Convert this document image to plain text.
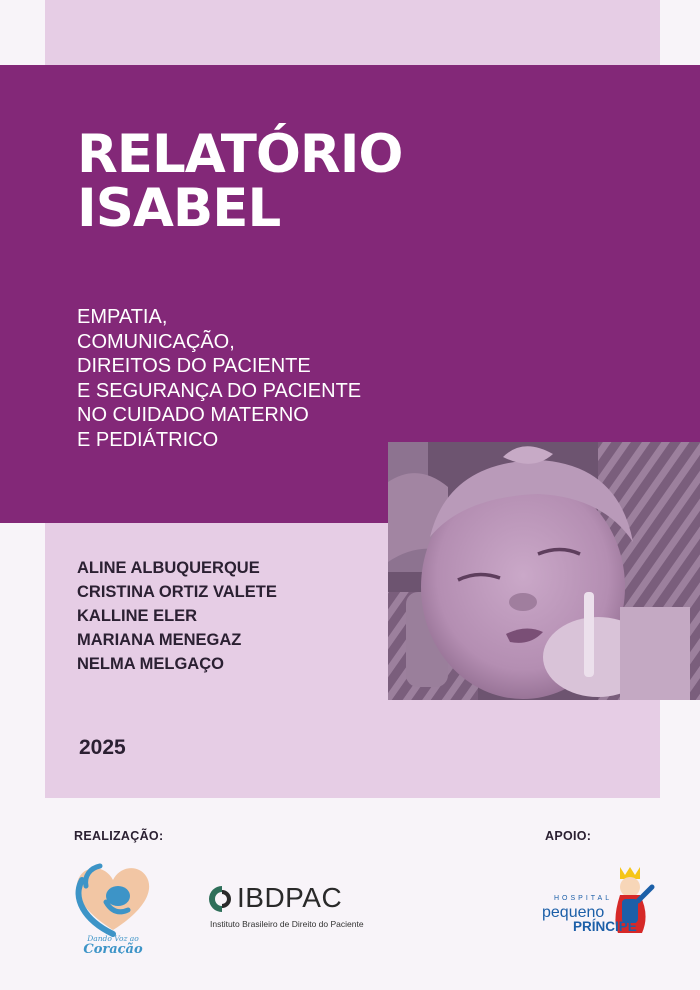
RELATÓRIO
ISABEL

EMPATIA,
COMUNICAÇÃO,
DIREITOS DO PACIENTE
E SEGURANÇA DO PACIENTE
NO CUIDADO MATERNO
E PEDIÁTRICO

ALINE ALBUQUERQUE
CRISTINA ORTIZ VALETE
KALLINE ELER
MARIANA MENEGAZ
NELMA MELGAÇO

2025
REALIZAÇÃO:	APOIO:
Dando Voz ao
Coração
IBDPAC
Instituto Brasileiro de Direito do Paciente
HOSPITAL
pequeno
PRÍNCIPE
